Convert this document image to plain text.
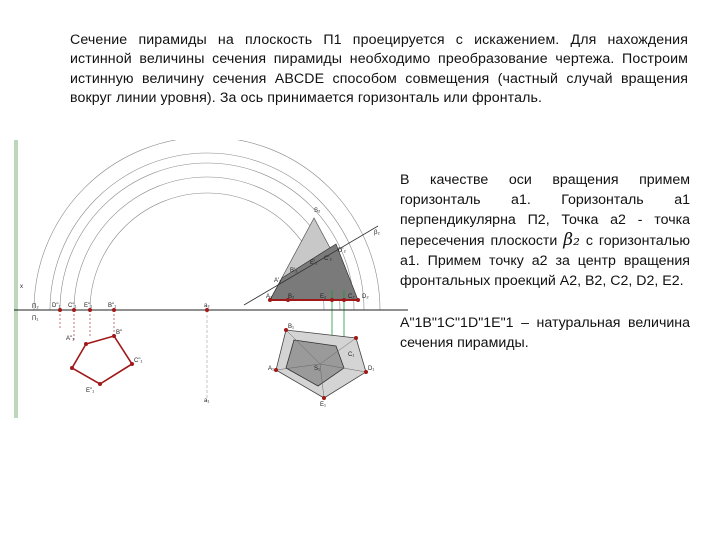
Сечение пирамиды на плоскость П1 проецируется с искажением. Для нахождения истинной величины сечения пирамиды необходимо преобразование чертежа. Построим истинную величину сечения ABCDE способом совмещения (частный случай вращения вокруг линии уровня). За ось принимается горизонталь или фронталь.
S₂
β₂
D'₂
E'₂
B'₂
A'₂
C'₂
A₂	B₂	E₂	C₂ D₂
П₂
П₁
D"₁ C"₁ E"₁	B"₁	a₂
B₁
C₁
D₁
A₁
E₁
S₁
a₁
B"
C"₁
A"₁
E"₁
x

В качестве оси вращения примем горизонталь а1. Горизонталь а1 перпендикулярна П2, Точка а2 - точка пересечения плоскости β₂ с горизонталью а1. Примем точку а2 за центр вращения фронтальных проекций А2, В2, С2, D2, Е2.

А"1В"1С"1D"1Е"1 – натуральная величина сечения пирамиды.
